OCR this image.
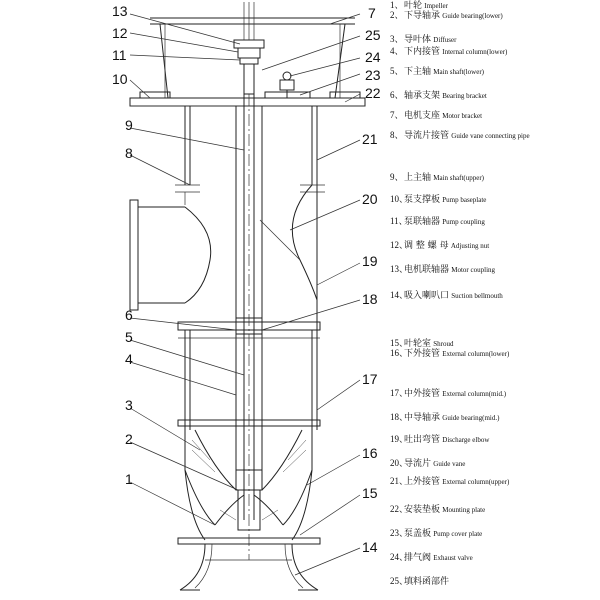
13
12
11
10
9
8
7
25
24
23
22
21
20
19
18
6
5
4
3
2
1
17
16
15
14
1、叶轮 Impeller
2、下导轴承 Guide bearing(lower)
3、导叶体 Diffuser
4、下内接管 Internal column(lower)
5、下主轴 Main shaft(lower)
6、轴承支架 Bearing bracket
7、电机支座 Motor bracket
8、导流片接管 Guide vane connecting pipe
9、上主轴 Main shaft(upper)
10、泵支撑板 Pump baseplate
11、泵联轴器 Pump coupling
12、调 整 螺 母 Adjusting nut
13、电机联轴器 Motor coupling
14、吸入喇叭口 Suction bellmouth
15、叶轮室 Shroud
16、下外接管 External column(lower)
17、中外接管 External column(mid.)
18、中导轴承 Guide bearing(mid.)
19、吐出弯管 Discharge elbow
20、导流片 Guide vane
21、上外接管 External column(upper)
22、安装垫板 Mounting plate
23、泵盖板 Pump cover plate
24、排气阀 Exhaust valve
25、填料函部件
